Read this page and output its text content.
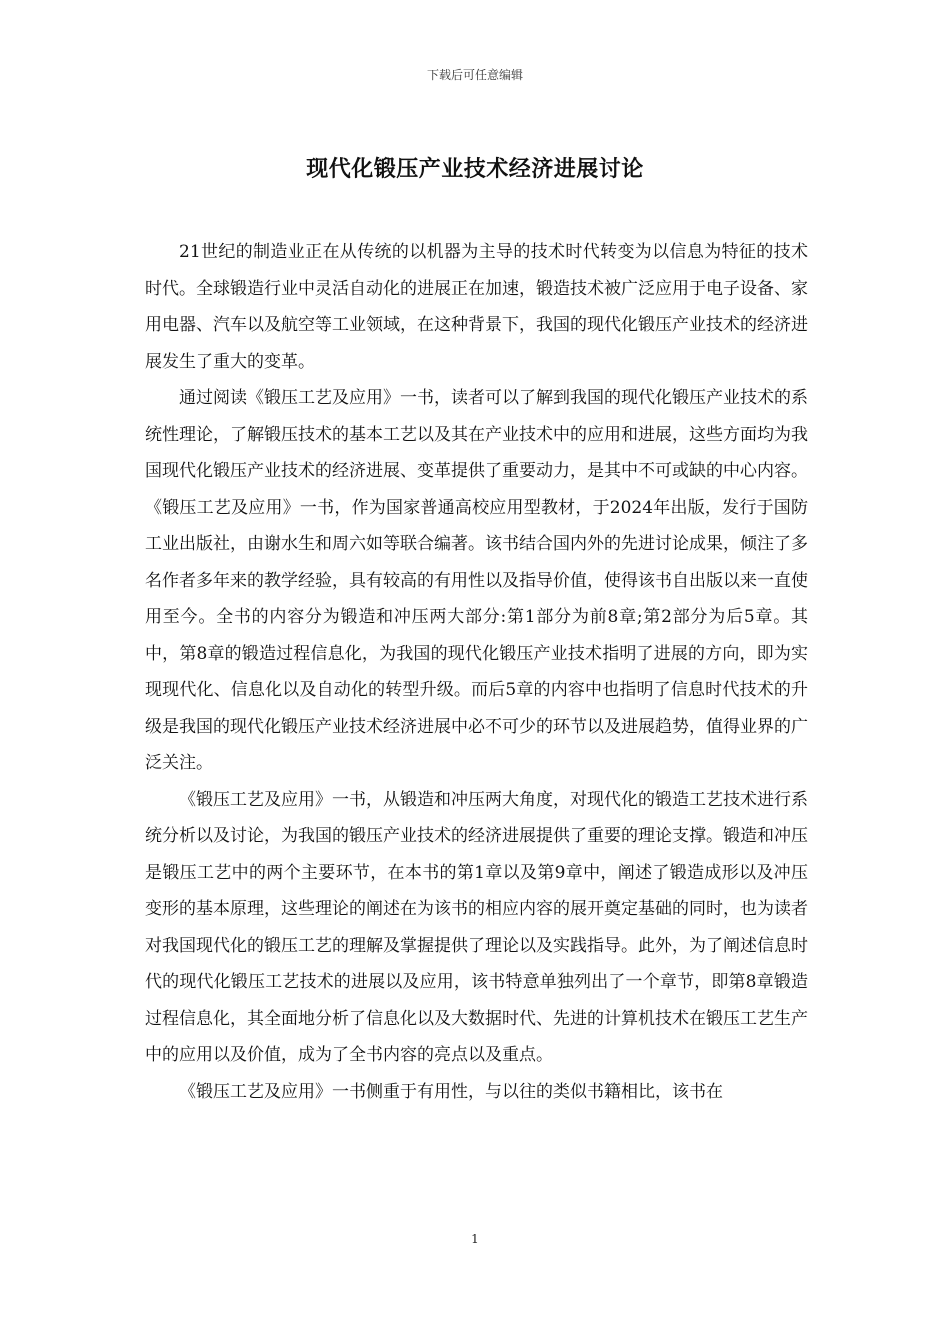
下载后可任意编辑
现代化锻压产业技术经济进展讨论

21世纪的制造业正在从传统的以机器为主导的技术时代转变为以信息为特征的技术时代。全球锻造行业中灵活自动化的进展正在加速，锻造技术被广泛应用于电子设备、家用电器、汽车以及航空等工业领域，在这种背景下，我国的现代化锻压产业技术的经济进展发生了重大的变革。

通过阅读《锻压工艺及应用》一书，读者可以了解到我国的现代化锻压产业技术的系统性理论，了解锻压技术的基本工艺以及其在产业技术中的应用和进展，这些方面均为我国现代化锻压产业技术的经济进展、变革提供了重要动力，是其中不可或缺的中心内容。《锻压工艺及应用》一书，作为国家普通高校应用型教材，于2024年出版，发行于国防工业出版社，由谢水生和周六如等联合编著。该书结合国内外的先进讨论成果，倾注了多名作者多年来的教学经验，具有较高的有用性以及指导价值，使得该书自出版以来一直使用至今。全书的内容分为锻造和冲压两大部分:第1部分为前8章;第2部分为后5章。其中，第8章的锻造过程信息化，为我国的现代化锻压产业技术指明了进展的方向，即为实现现代化、信息化以及自动化的转型升级。而后5章的内容中也指明了信息时代技术的升级是我国的现代化锻压产业技术经济进展中必不可少的环节以及进展趋势，值得业界的广泛关注。

《锻压工艺及应用》一书，从锻造和冲压两大角度，对现代化的锻造工艺技术进行系统分析以及讨论，为我国的锻压产业技术的经济进展提供了重要的理论支撑。锻造和冲压是锻压工艺中的两个主要环节，在本书的第1章以及第9章中，阐述了锻造成形以及冲压变形的基本原理，这些理论的阐述在为该书的相应内容的展开奠定基础的同时，也为读者对我国现代化的锻压工艺的理解及掌握提供了理论以及实践指导。此外，为了阐述信息时代的现代化锻压工艺技术的进展以及应用，该书特意单独列出了一个章节，即第8章锻造过程信息化，其全面地分析了信息化以及大数据时代、先进的计算机技术在锻压工艺生产中的应用以及价值，成为了全书内容的亮点以及重点。

《锻压工艺及应用》一书侧重于有用性，与以往的类似书籍相比，该书在

1
